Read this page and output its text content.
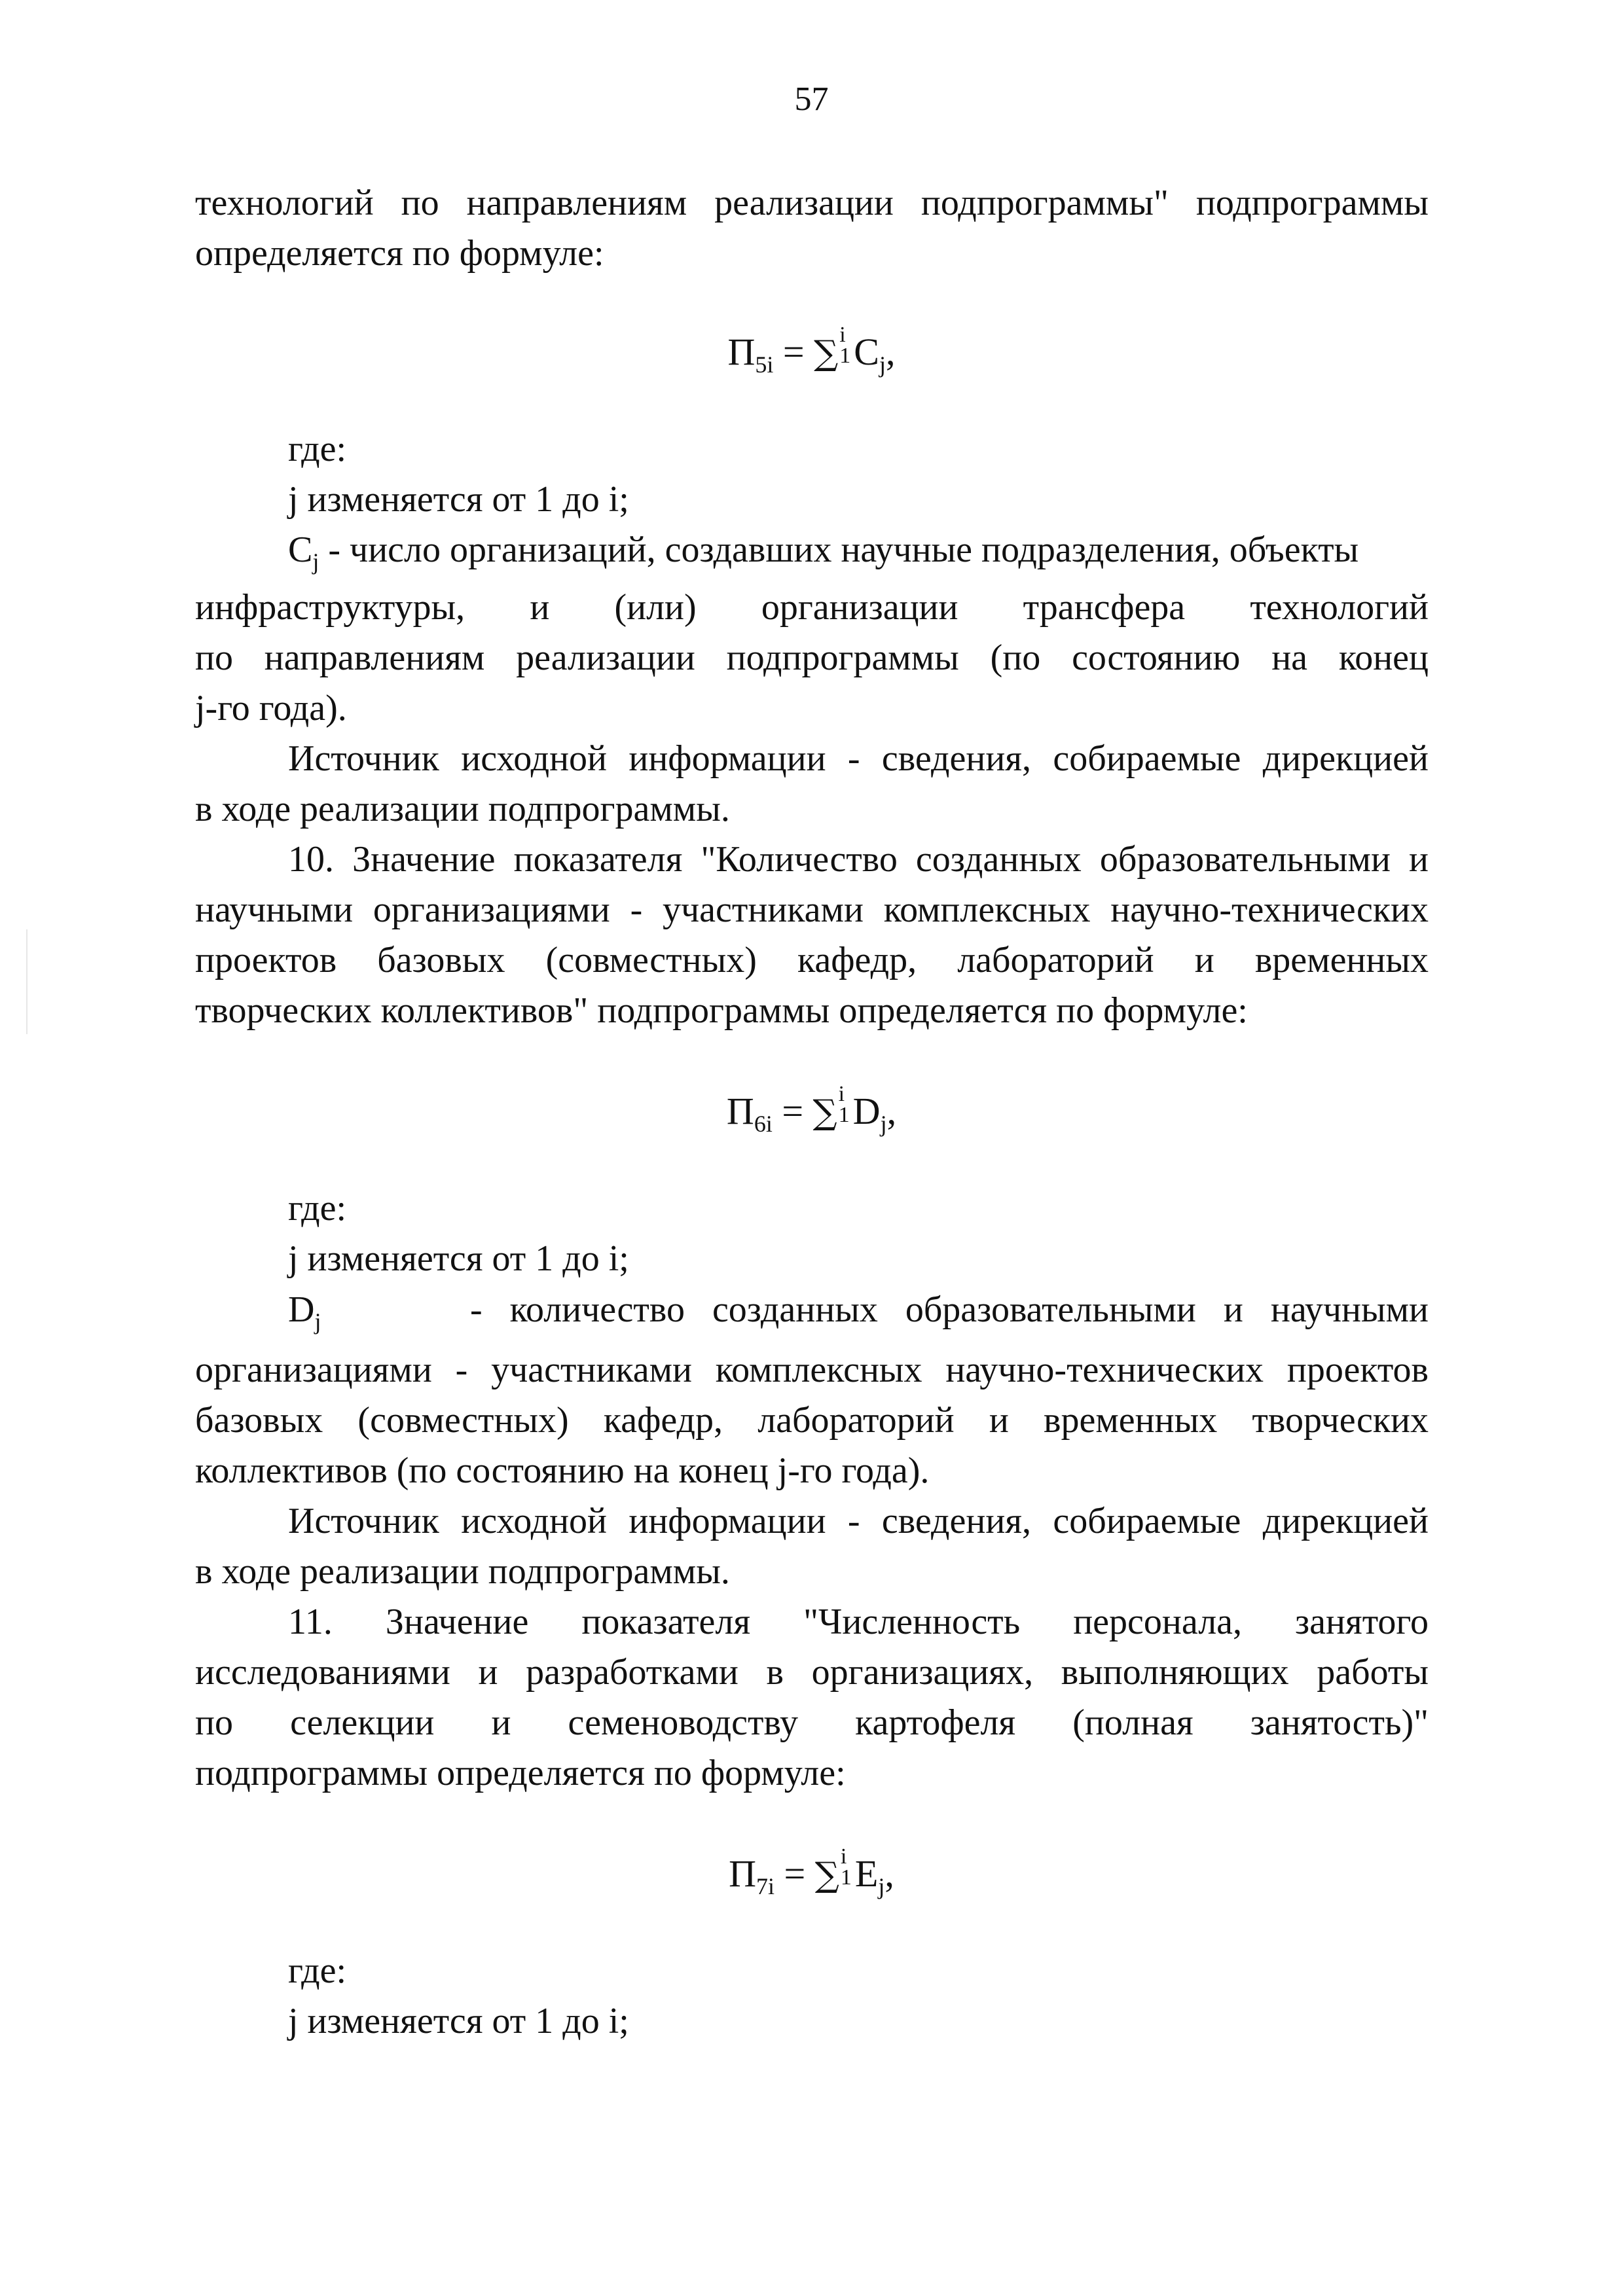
57
технологий по направлениям реализации подпрограммы" подпрограммы
определяется по формуле:
$П_{5i}$ = ∑ i
1 $C_j$,
где:
j изменяется от 1 до i;
$C_j$ - число организаций, создавших научные подразделения, объекты
инфраструктуры, и (или) организации трансфера технологий
по направлениям реализации подпрограммы (по состоянию на конец
j-го года).
Источник исходной информации - сведения, собираемые дирекцией
в ходе реализации подпрограммы.
10. Значение показателя "Количество созданных образовательными и
научными организациями - участниками комплексных научно-технических
проектов базовых (совместных) кафедр, лабораторий и временных
творческих коллективов" подпрограммы определяется по формуле:
$П_{6i}$ = ∑ i
1 $D_j$,
где:
j изменяется от 1 до i;
$D_j$	-   количество   созданных   образовательными   и   научными
организациями - участниками комплексных научно-технических проектов
базовых (совместных) кафедр, лабораторий и временных творческих
коллективов (по состоянию на конец j-го года).
Источник исходной информации - сведения, собираемые дирекцией
в ходе реализации подпрограммы.
11. Значение показателя "Численность персонала, занятого
исследованиями и разработками в организациях, выполняющих работы
по селекции и семеноводству картофеля (полная занятость)"
подпрограммы определяется по формуле:
$П_{7i}$ = ∑ i
1 $E_j$,
где:
j изменяется от 1 до i;
